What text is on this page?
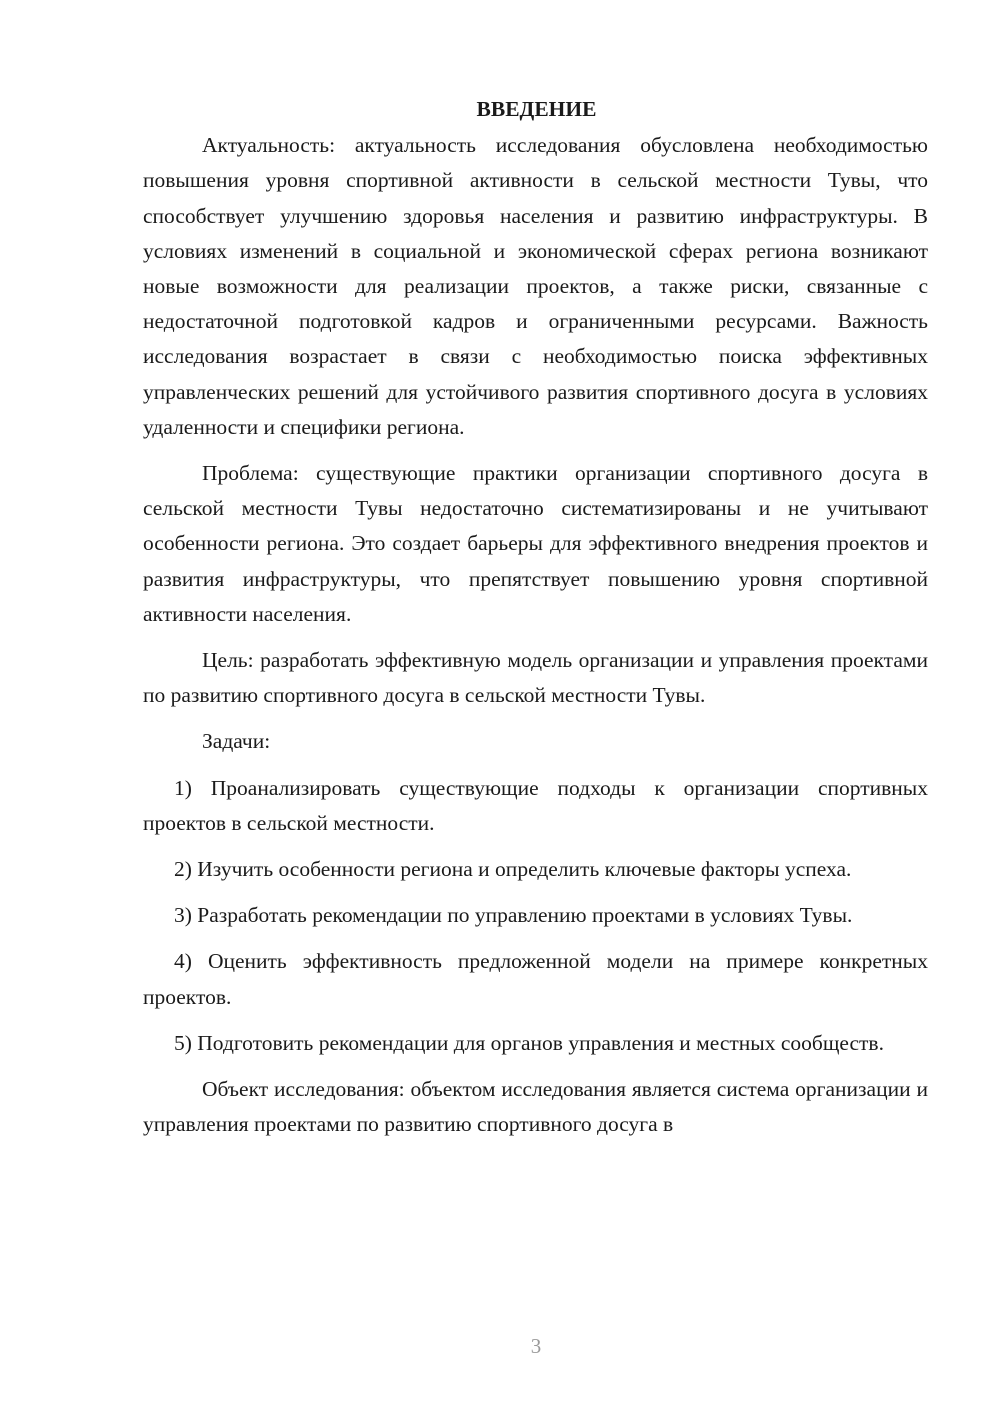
ВВЕДЕНИЕ

Актуальность: актуальность исследования обусловлена необходимостью повышения уровня спортивной активности в сельской местности Тувы, что способствует улучшению здоровья населения и развитию инфраструктуры. В условиях изменений в социальной и экономической сферах региона возникают новые возможности для реализации проектов, а также риски, связанные с недостаточной подготовкой кадров и ограниченными ресурсами. Важность исследования возрастает в связи с необходимостью поиска эффективных управленческих решений для устойчивого развития спортивного досуга в условиях удаленности и специфики региона.

Проблема: существующие практики организации спортивного досуга в сельской местности Тувы недостаточно систематизированы и не учитывают особенности региона. Это создает барьеры для эффективного внедрения проектов и развития инфраструктуры, что препятствует повышению уровня спортивной активности населения.

Цель: разработать эффективную модель организации и управления проектами по развитию спортивного досуга в сельской местности Тувы.

Задачи:

1) Проанализировать существующие подходы к организации спортивных проектов в сельской местности.

2) Изучить особенности региона и определить ключевые факторы успеха.

3) Разработать рекомендации по управлению проектами в условиях Тувы.

4) Оценить эффективность предложенной модели на примере конкретных проектов.

5) Подготовить рекомендации для органов управления и местных сообществ.

Объект исследования: объектом исследования является система организации и управления проектами по развитию спортивного досуга в

3
